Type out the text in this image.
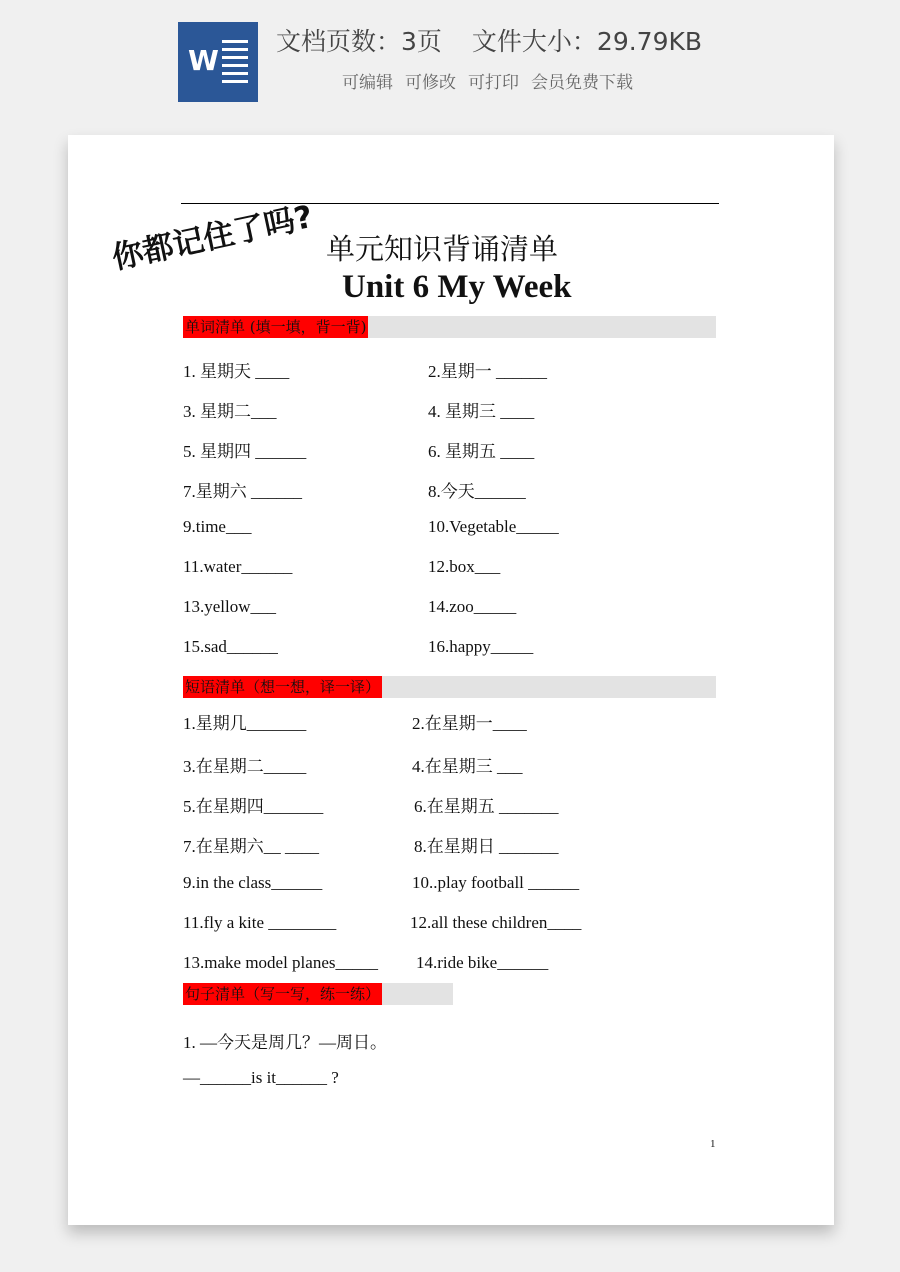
W
文档页数：3页 文件大小：29.79KB
可编辑 可修改 可打印 会员免费下载
你都记住了吗? 单元知识背诵清单
Unit 6 My Week
单词清单 (填一填，背一背)
1. 星期天 ____	2.星期一 ______
3. 星期二___	4. 星期三 ____
5. 星期四 ______	6. 星期五 ____
7.星期六 ______	8.今天______
9.time___	10.Vegetable_____
11.water______	12.box___
13.yellow___	14.zoo_____
15.sad______	16.happy_____
短语清单（想一想，译一译）
1.星期几_______	2.在星期一____
3.在星期二_____	4.在星期三 ___
5.在星期四_______	6.在星期五 _______
7.在星期六__ ____	8.在星期日 _______
9.in the class______	10..play football ______
11.fly a kite ________	12.all these children____
13.make model planes_____ 14.ride bike______
句子清单（写一写，练一练）
1. —今天是周几？—周日。
—______is it______ ?
1
